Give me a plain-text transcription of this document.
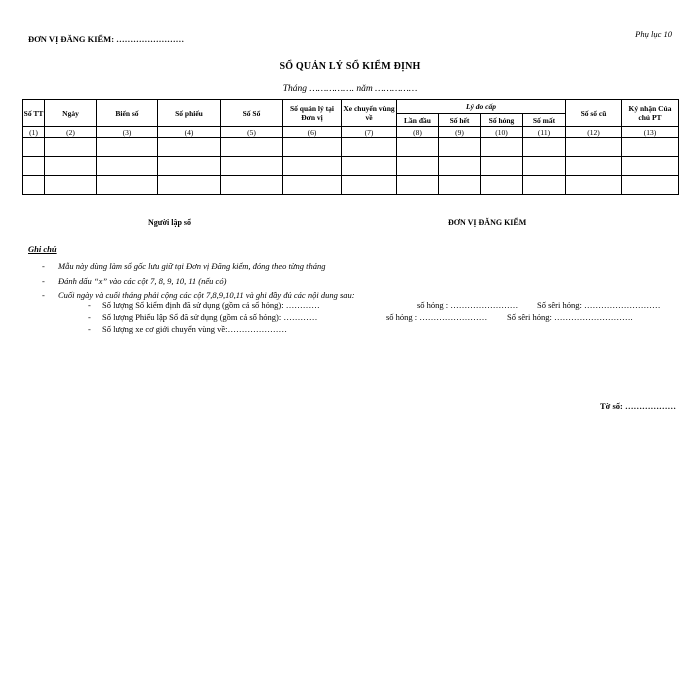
ĐƠN VỊ ĐĂNG KIỂM: ……………………	Phụ lục 10
SỔ QUẢN LÝ SỔ KIỂM ĐỊNH
Tháng ……………. năm ……………
Số TT	Ngày	Biển số	Số phiếu	Số Sổ	Số quản lý tại Đơn vị	Xe chuyển vùng về	Lý do cấp				Số sổ cũ	Ký nhận Của chủ PT
							Lần đầu	Số hết	Số hỏng	Số mất		
(1)	(2)	(3)	(4)	(5)	(6)	(7)	(8)	(9)	(10)	(11)	(12)	(13)

Người lập sổ	ĐƠN VỊ ĐĂNG KIỂM
Ghi chú
- Mẫu này dùng làm sổ gốc lưu giữ tại Đơn vị Đăng kiểm, đóng theo từng tháng
- Đánh dấu “x” vào các cột 7, 8, 9, 10, 11 (nếu có)
- Cuối ngày và cuối tháng phải cộng các cột 7,8,9,10,11 và ghi đầy đủ các nội dung sau:
- Số lượng Sổ kiểm định đã sử dụng (gồm cả sổ hỏng): …………	số hỏng : …………………… Số sêri hỏng: ………………………
- Số lượng Phiếu lập Sổ đã sử dụng (gồm cả số hỏng): …………	số hỏng : …………………… Số sêri hỏng: ……………………….
- Số lượng xe cơ giới chuyển vùng về:…………………
Tờ số: ………………
